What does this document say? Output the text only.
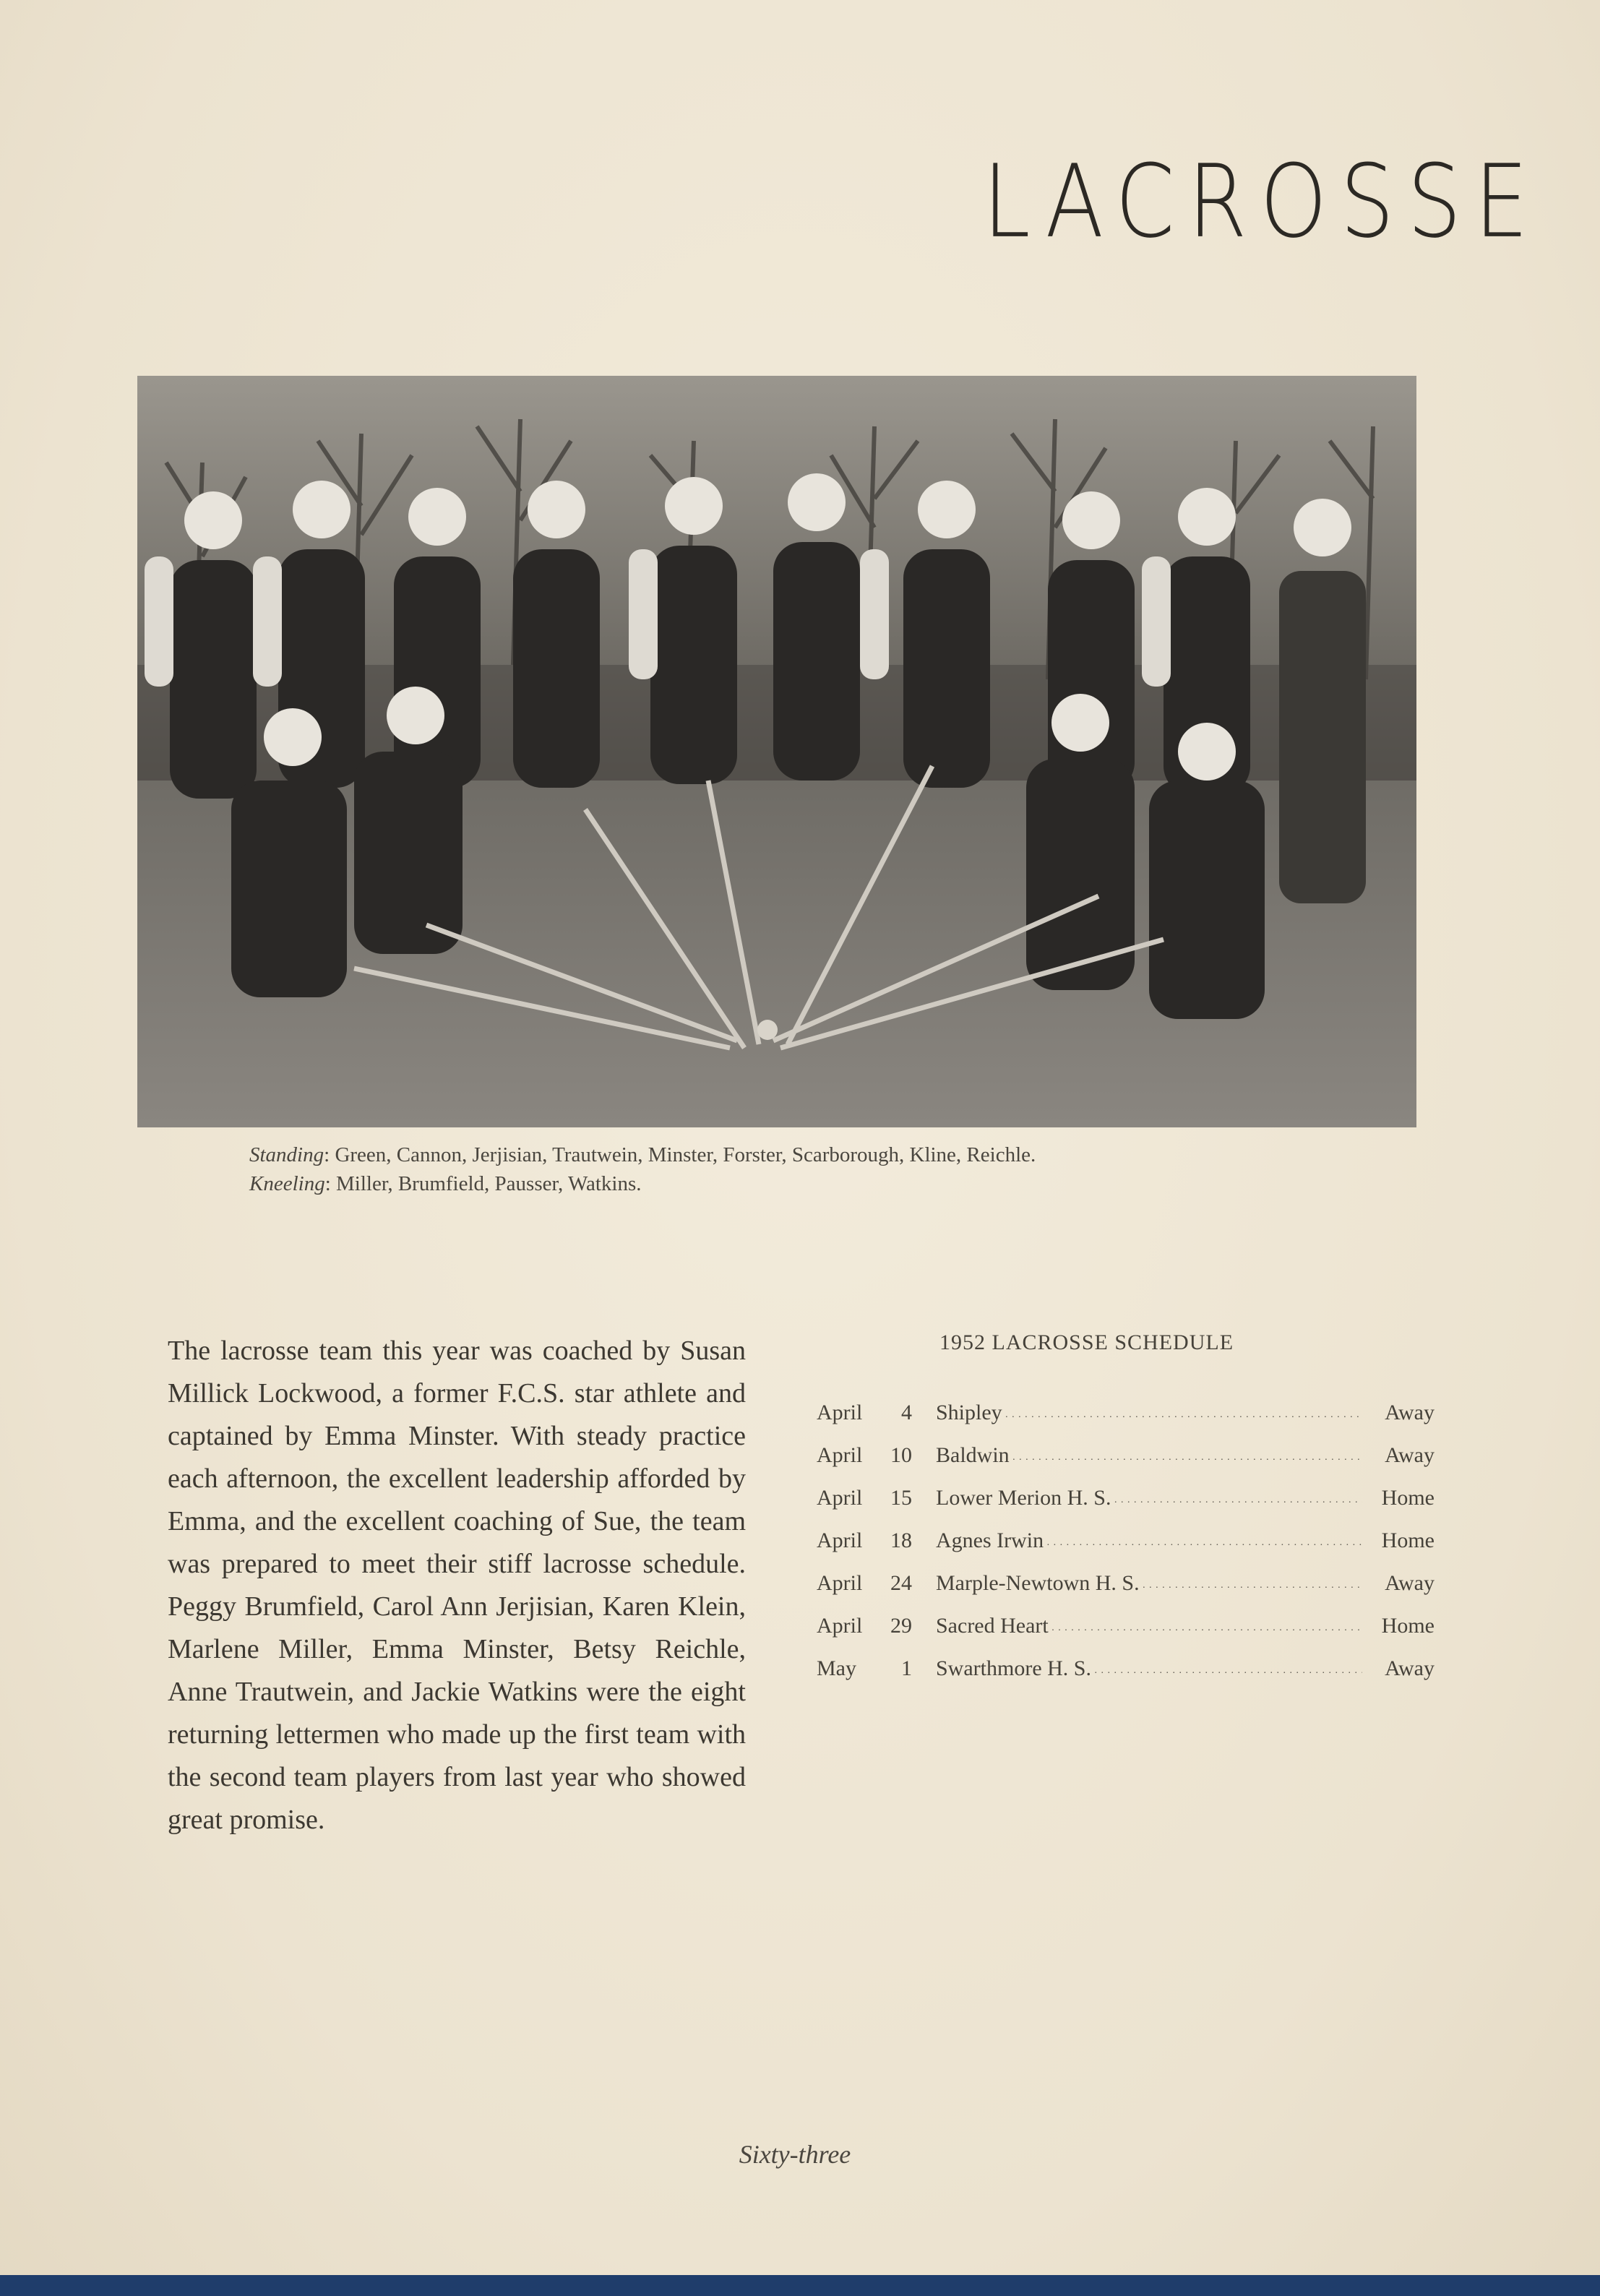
LACROSSE
Standing: Green, Cannon, Jerjisian, Trautwein, Minster, Forster, Scarborough, Kline, Reichle.
Kneeling: Miller, Brumfield, Pausser, Watkins.
The lacrosse team this year was coached by Susan Millick Lockwood, a former F.C.S. star athlete and captained by Emma Minster. With steady practice each afternoon, the excellent leadership afforded by Emma, and the excellent coaching of Sue, the team was prepared to meet their stiff lacrosse schedule. Peggy Brumfield, Carol Ann Jerjisian, Karen Klein, Marlene Miller, Emma Minster, Betsy Reichle, Anne Trautwein, and Jackie Watkins were the eight returning lettermen who made up the first team with the second team players from last year who showed great promise.
1952 LACROSSE SCHEDULE
April	4 Shipley . . .	Away
April	10 Baldwin . . .	Away
April	15 Lower Merion H. S. . . .	Home
April	18 Agnes Irwin . . .	Home
April	24 Marple-Newtown H. S. . . .	Away
April	29 Sacred Heart . . .	Home
May	1 Swarthmore H. S. . . .	Away
Sixty-three
